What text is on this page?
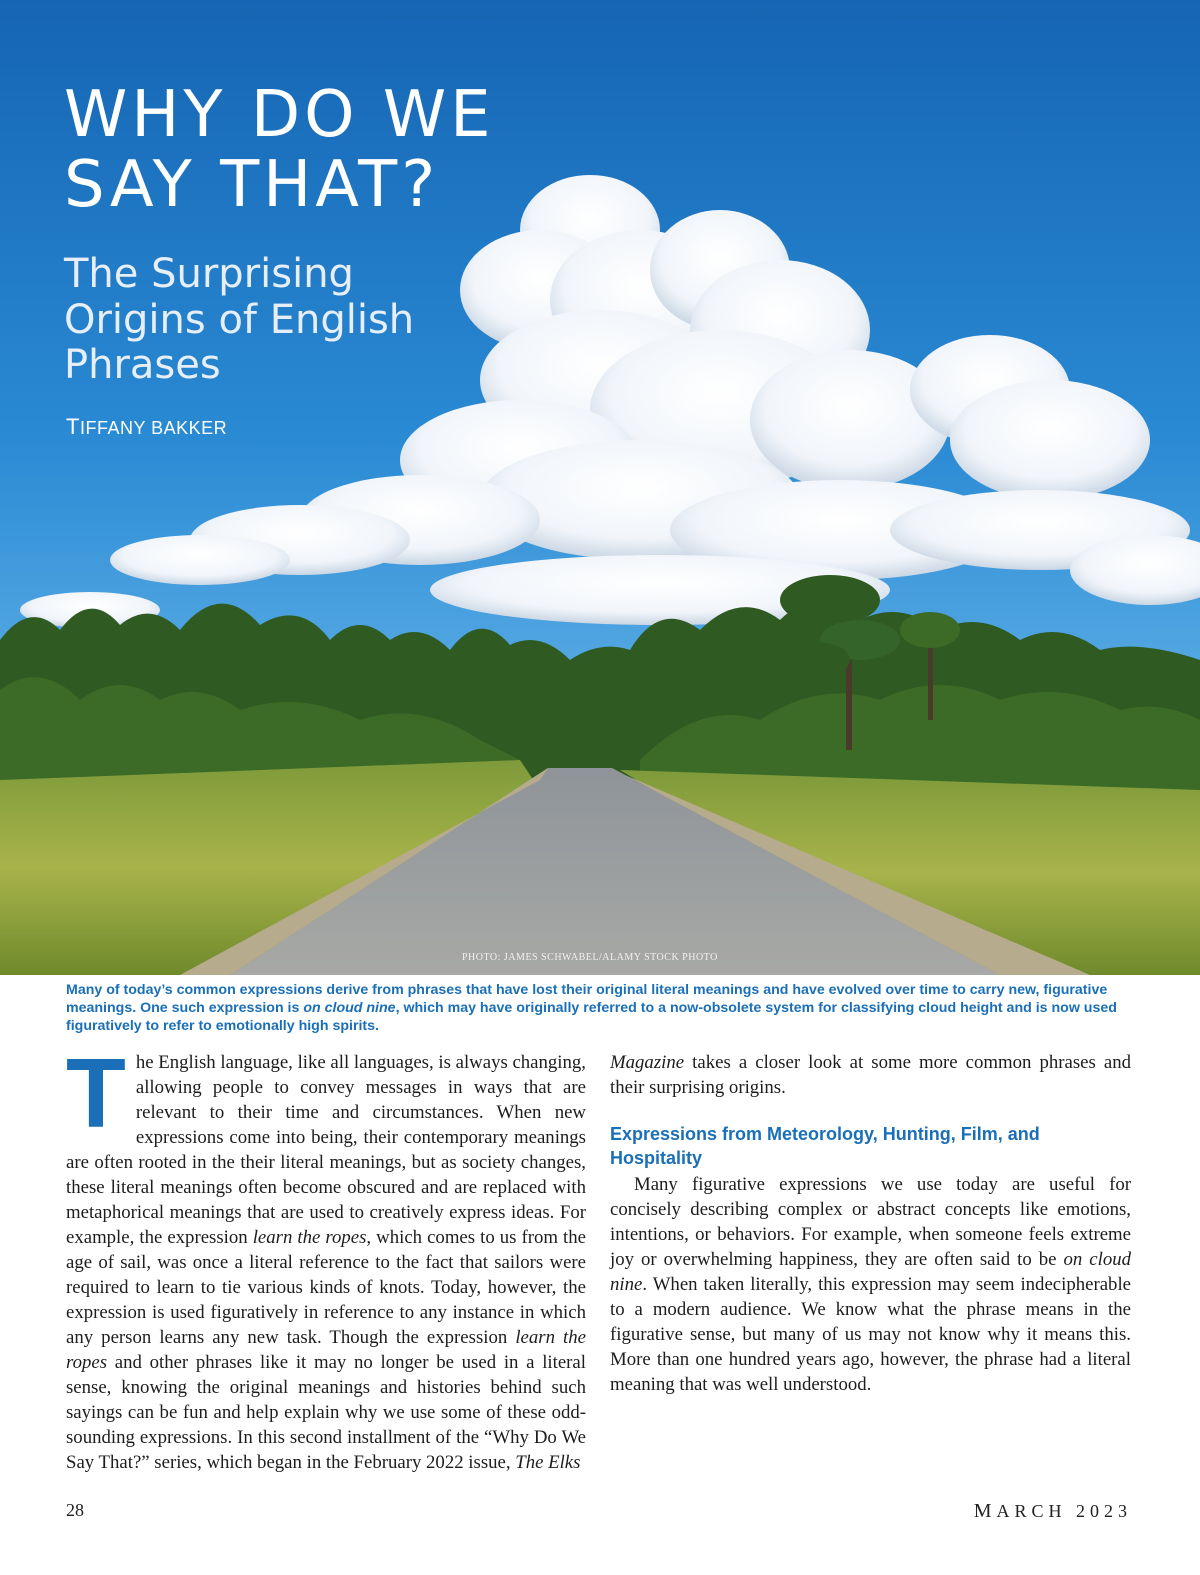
WHY DO WE
SAY THAT?
The Surprising Origins of English Phrases
TIFFANY BAKKER
PHOTO: JAMES SCHWABEL/ALAMY STOCK PHOTO

Many of today’s common expressions derive from phrases that have lost their original literal meanings and have evolved over time to carry new, figurative meanings. One such expression is on cloud nine, which may have originally referred to a now-obsolete system for classifying cloud height and is now used figuratively to refer to emotionally high spirits.

The English language, like all languages, is always changing, allowing people to convey messages in ways that are relevant to their time and circumstances. When new expressions come into being, their contemporary meanings are often rooted in the their literal meanings, but as society changes, these literal meanings often become obscured and are replaced with metaphorical meanings that are used to creatively express ideas. For example, the expression learn the ropes, which comes to us from the age of sail, was once a literal reference to the fact that sailors were required to learn to tie various kinds of knots. Today, however, the expression is used figuratively in reference to any instance in which any person learns any new task. Though the expression learn the ropes and other phrases like it may no longer be used in a literal sense, knowing the original meanings and histories behind such sayings can be fun and help explain why we use some of these odd-sounding expressions. In this second installment of the “Why Do We Say That?” series, which began in the February 2022 issue, The Elks

Magazine takes a closer look at some more common phrases and their surprising origins.

Expressions from Meteorology, Hunting, Film, and Hospitality

Many figurative expressions we use today are useful for concisely describing complex or abstract concepts like emotions, intentions, or behaviors. For example, when someone feels extreme joy or overwhelming happiness, they are often said to be on cloud nine. When taken literally, this expression may seem indecipherable to a modern audience. We know what the phrase means in the figurative sense, but many of us may not know why it means this. More than one hundred years ago, however, the phrase had a literal meaning that was well understood.

28	MARCH 2023
